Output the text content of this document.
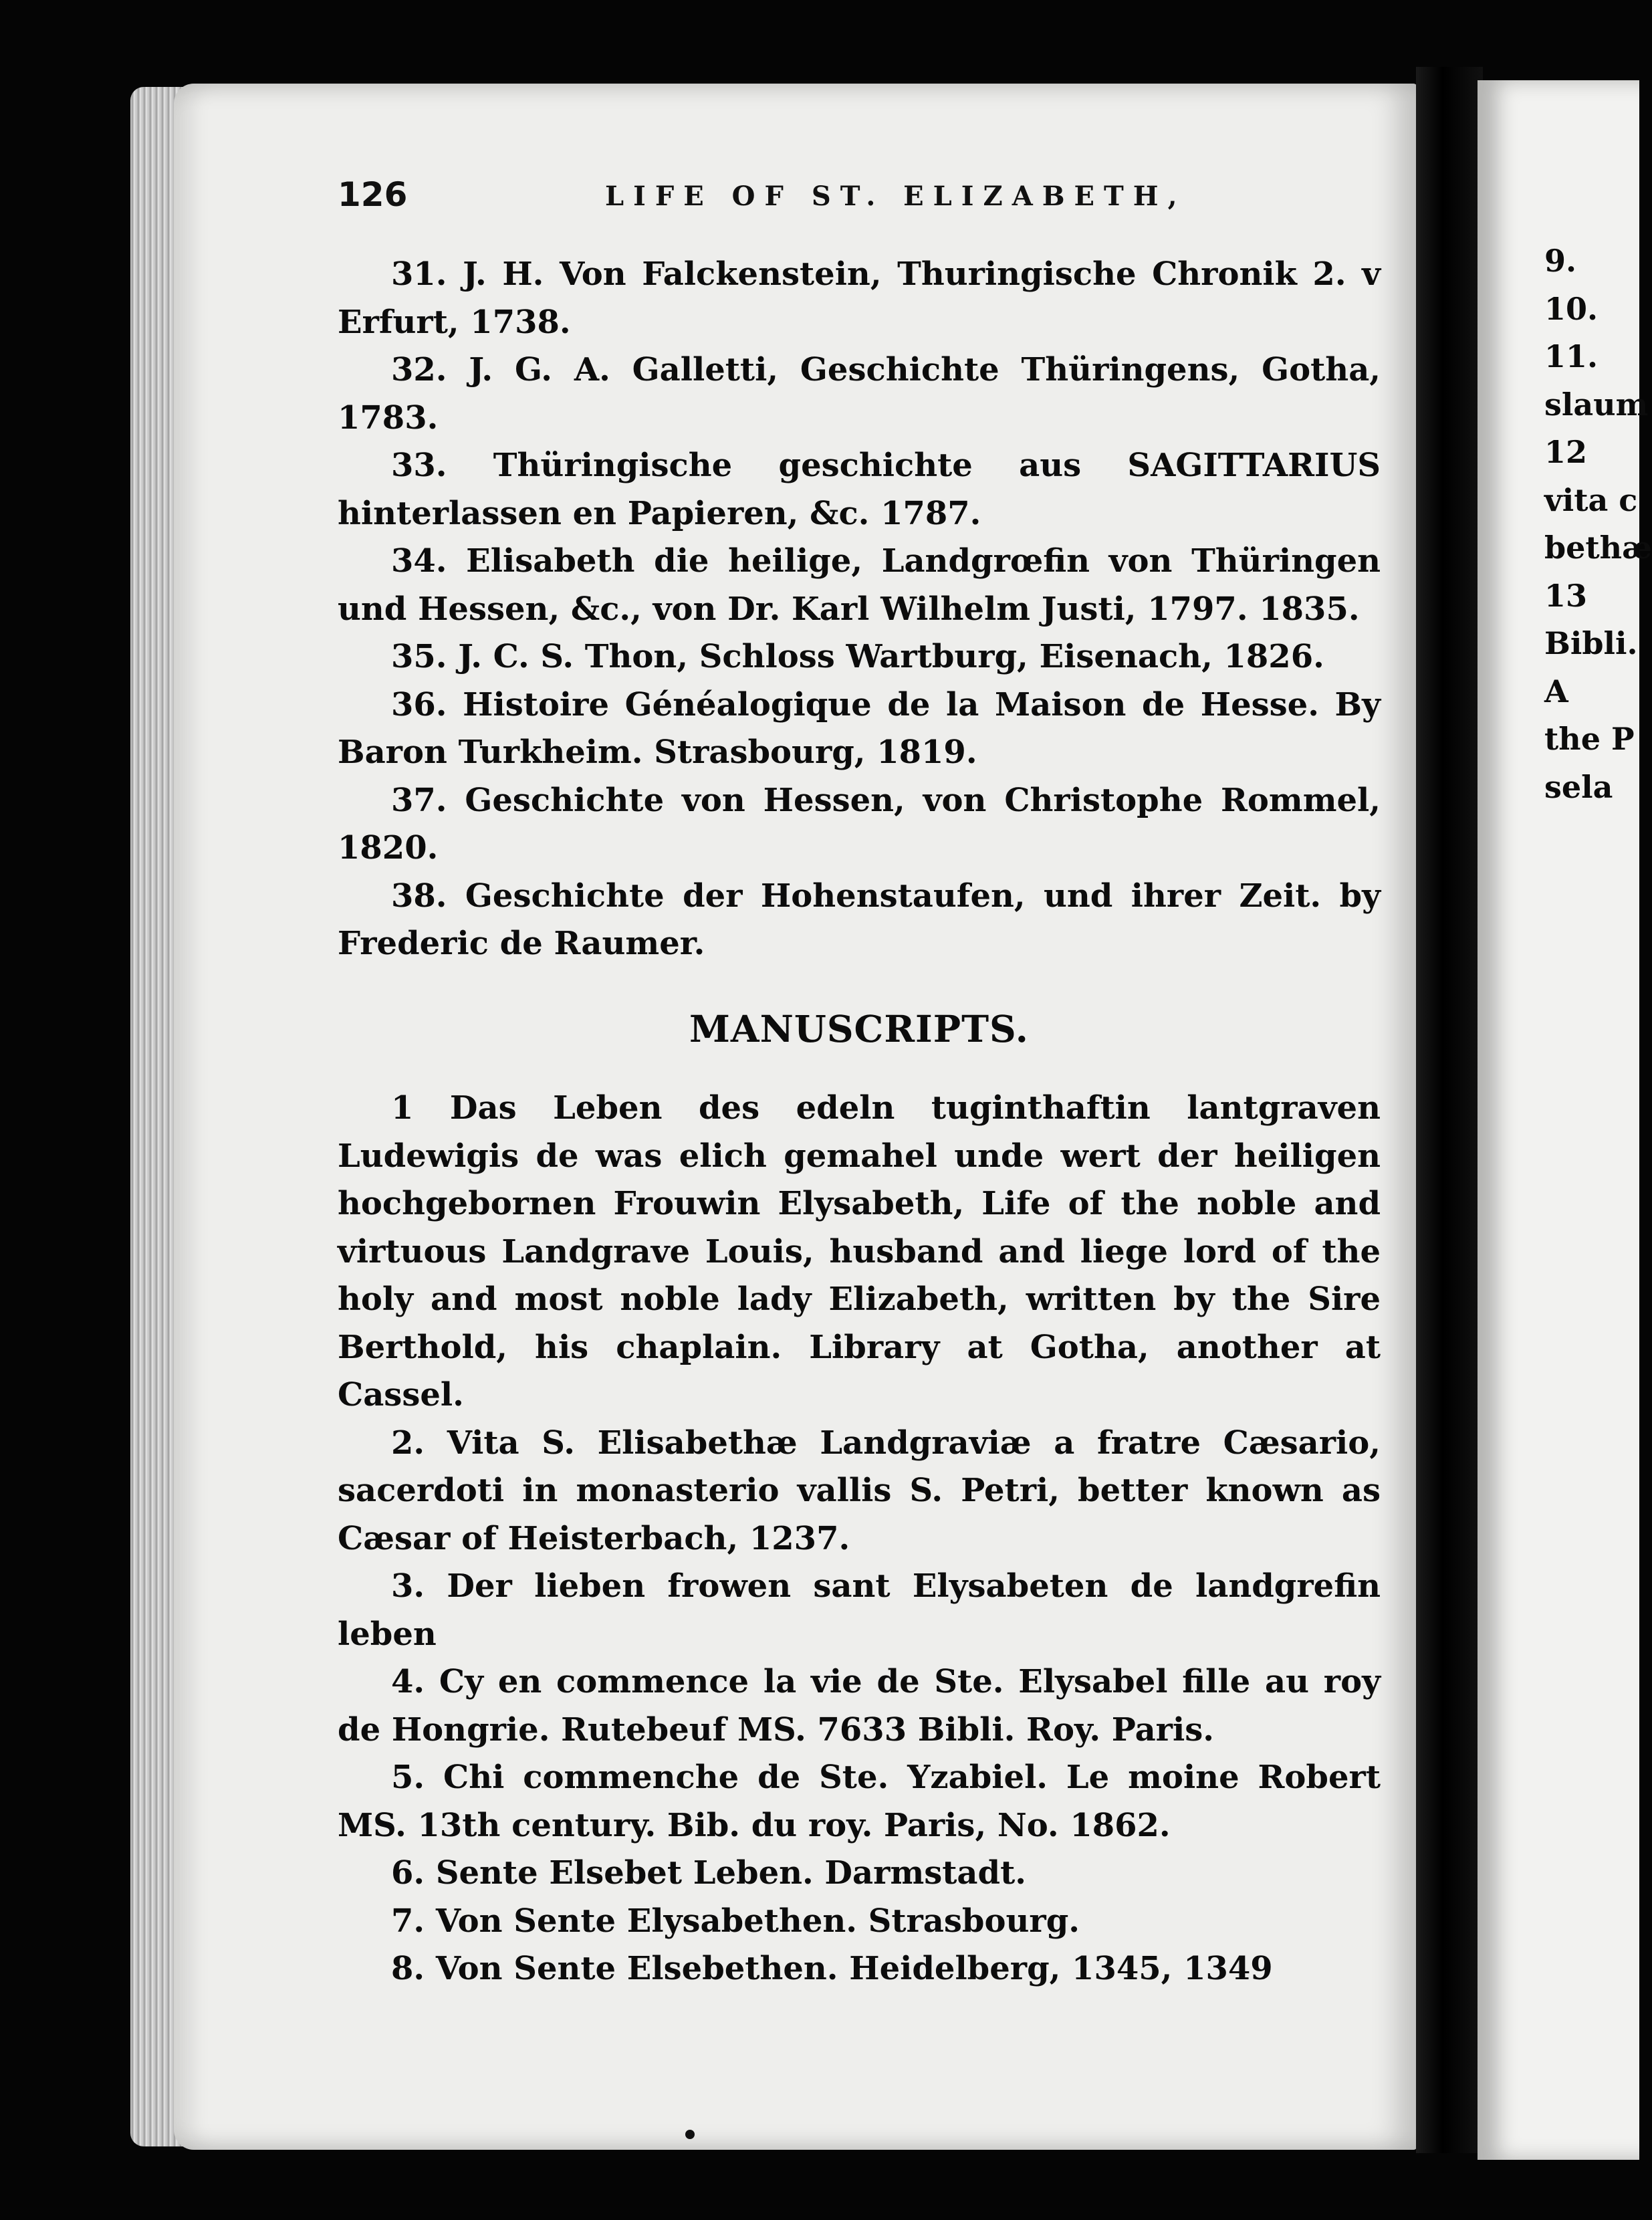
126	LIFE OF ST. ELIZABETH,

31. J. H. Von Falckenstein, Thuringische Chronik 2. v Erfurt, 1738.

32. J. G. A. Galletti, Geschichte Thüringens, Gotha, 1783.

33. Thüringische geschichte aus SAGITTARIUS hinterlassen en Papieren, &c. 1787.

34. Elisabeth die heilige, Landgrœfin von Thüringen und Hessen, &c., von Dr. Karl Wilhelm Justi, 1797. 1835.

35. J. C. S. Thon, Schloss Wartburg, Eisenach, 1826.

36. Histoire Généalogique de la Maison de Hesse. By Baron Turkheim. Strasbourg, 1819.

37. Geschichte von Hessen, von Christophe Rommel, 1820.

38. Geschichte der Hohenstaufen, und ihrer Zeit. by Frederic de Raumer.

MANUSCRIPTS.

1 Das Leben des edeln tuginthaftin lantgraven Ludewigis de was elich gemahel unde wert der heiligen hochgebornen Frouwin Elysabeth, Life of the noble and virtuous Landgrave Louis, husband and liege lord of the holy and most noble lady Elizabeth, written by the Sire Berthold, his chaplain. Library at Gotha, another at Cassel.

2. Vita S. Elisabethæ Landgraviæ a fratre Cæsario, sacerdoti in monasterio vallis S. Petri, better known as Cæsar of Heisterbach, 1237.

3. Der lieben frowen sant Elysabeten de landgrefin leben

4. Cy en commence la vie de Ste. Elysabel fille au roy de Hongrie. Rutebeuf MS. 7633 Bibli. Roy. Paris.

5. Chi commenche de Ste. Yzabiel. Le moine Robert MS. 13th century. Bib. du roy. Paris, No. 1862.

6. Sente Elsebet Leben. Darmstadt.

7. Von Sente Elysabethen. Strasbourg.

8. Von Sente Elsebethen. Heidelberg, 1345, 1349

9.
10.
11.
slaum
12
vita c
bethæ
13
Bibli.
A
the P
sela
